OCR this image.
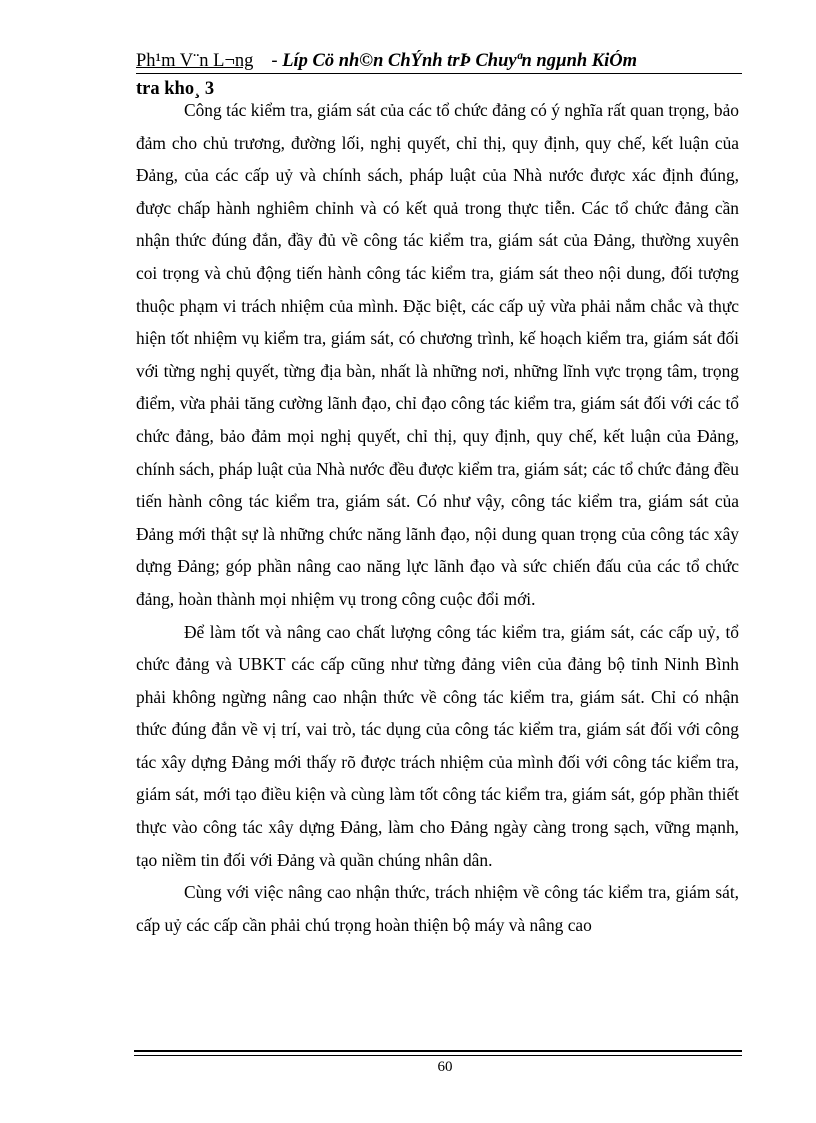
Ph¹m V¨n L¬ng - Líp Cö nh©n ChÝnh trÞ Chuyªn ngµnh KiÓm
tra kho¸ 3

Công tác kiểm tra, giám sát của các tổ chức đảng có ý nghĩa rất quan trọng, bảo đảm cho chủ trương, đường lối, nghị quyết, chỉ thị, quy định, quy chế, kết luận của Đảng, của các cấp uỷ và chính sách, pháp luật của Nhà nước được xác định đúng, được chấp hành nghiêm chỉnh và có kết quả trong thực tiễn. Các tổ chức đảng cần nhận thức đúng đắn, đầy đủ về công tác kiểm tra, giám sát của Đảng, thường xuyên coi trọng và chủ động tiến hành công tác kiểm tra, giám sát theo nội dung, đối tượng thuộc phạm vi trách nhiệm của mình. Đặc biệt, các cấp uỷ vừa phải nắm chắc và thực hiện tốt nhiệm vụ kiểm tra, giám sát, có chương trình, kế hoạch kiểm tra, giám sát đối với từng nghị quyết, từng địa bàn, nhất là những nơi, những lĩnh vực trọng tâm, trọng điểm, vừa phải tăng cường lãnh đạo, chỉ đạo công tác kiểm tra, giám sát đối với các tổ chức đảng, bảo đảm mọi nghị quyết, chỉ thị, quy định, quy chế, kết luận của Đảng, chính sách, pháp luật của Nhà nước đều được kiểm tra, giám sát; các tổ chức đảng đều tiến hành công tác kiểm tra, giám sát. Có như vậy, công tác kiểm tra, giám sát của Đảng mới thật sự là những chức năng lãnh đạo, nội dung quan trọng của công tác xây dựng Đảng; góp phần nâng cao năng lực lãnh đạo và sức chiến đấu của các tổ chức đảng, hoàn thành mọi nhiệm vụ trong công cuộc đổi mới.

Để làm tốt và nâng cao chất lượng công tác kiểm tra, giám sát, các cấp uỷ, tổ chức đảng và UBKT các cấp cũng như từng đảng viên của đảng bộ tỉnh Ninh Bình phải không ngừng nâng cao nhận thức về công tác kiểm tra, giám sát. Chỉ có nhận thức đúng đắn về vị trí, vai trò, tác dụng của công tác kiểm tra, giám sát đối với công tác xây dựng Đảng mới thấy rõ được trách nhiệm của mình đối với công tác kiểm tra, giám sát, mới tạo điều kiện và cùng làm tốt công tác kiểm tra, giám sát, góp phần thiết thực vào công tác xây dựng Đảng, làm cho Đảng ngày càng trong sạch, vững mạnh, tạo niềm tin đối với Đảng và quần chúng nhân dân.

Cùng với việc nâng cao nhận thức, trách nhiệm về công tác kiểm tra, giám sát, cấp uỷ các cấp cần phải chú trọng hoàn thiện bộ máy và nâng cao

60
